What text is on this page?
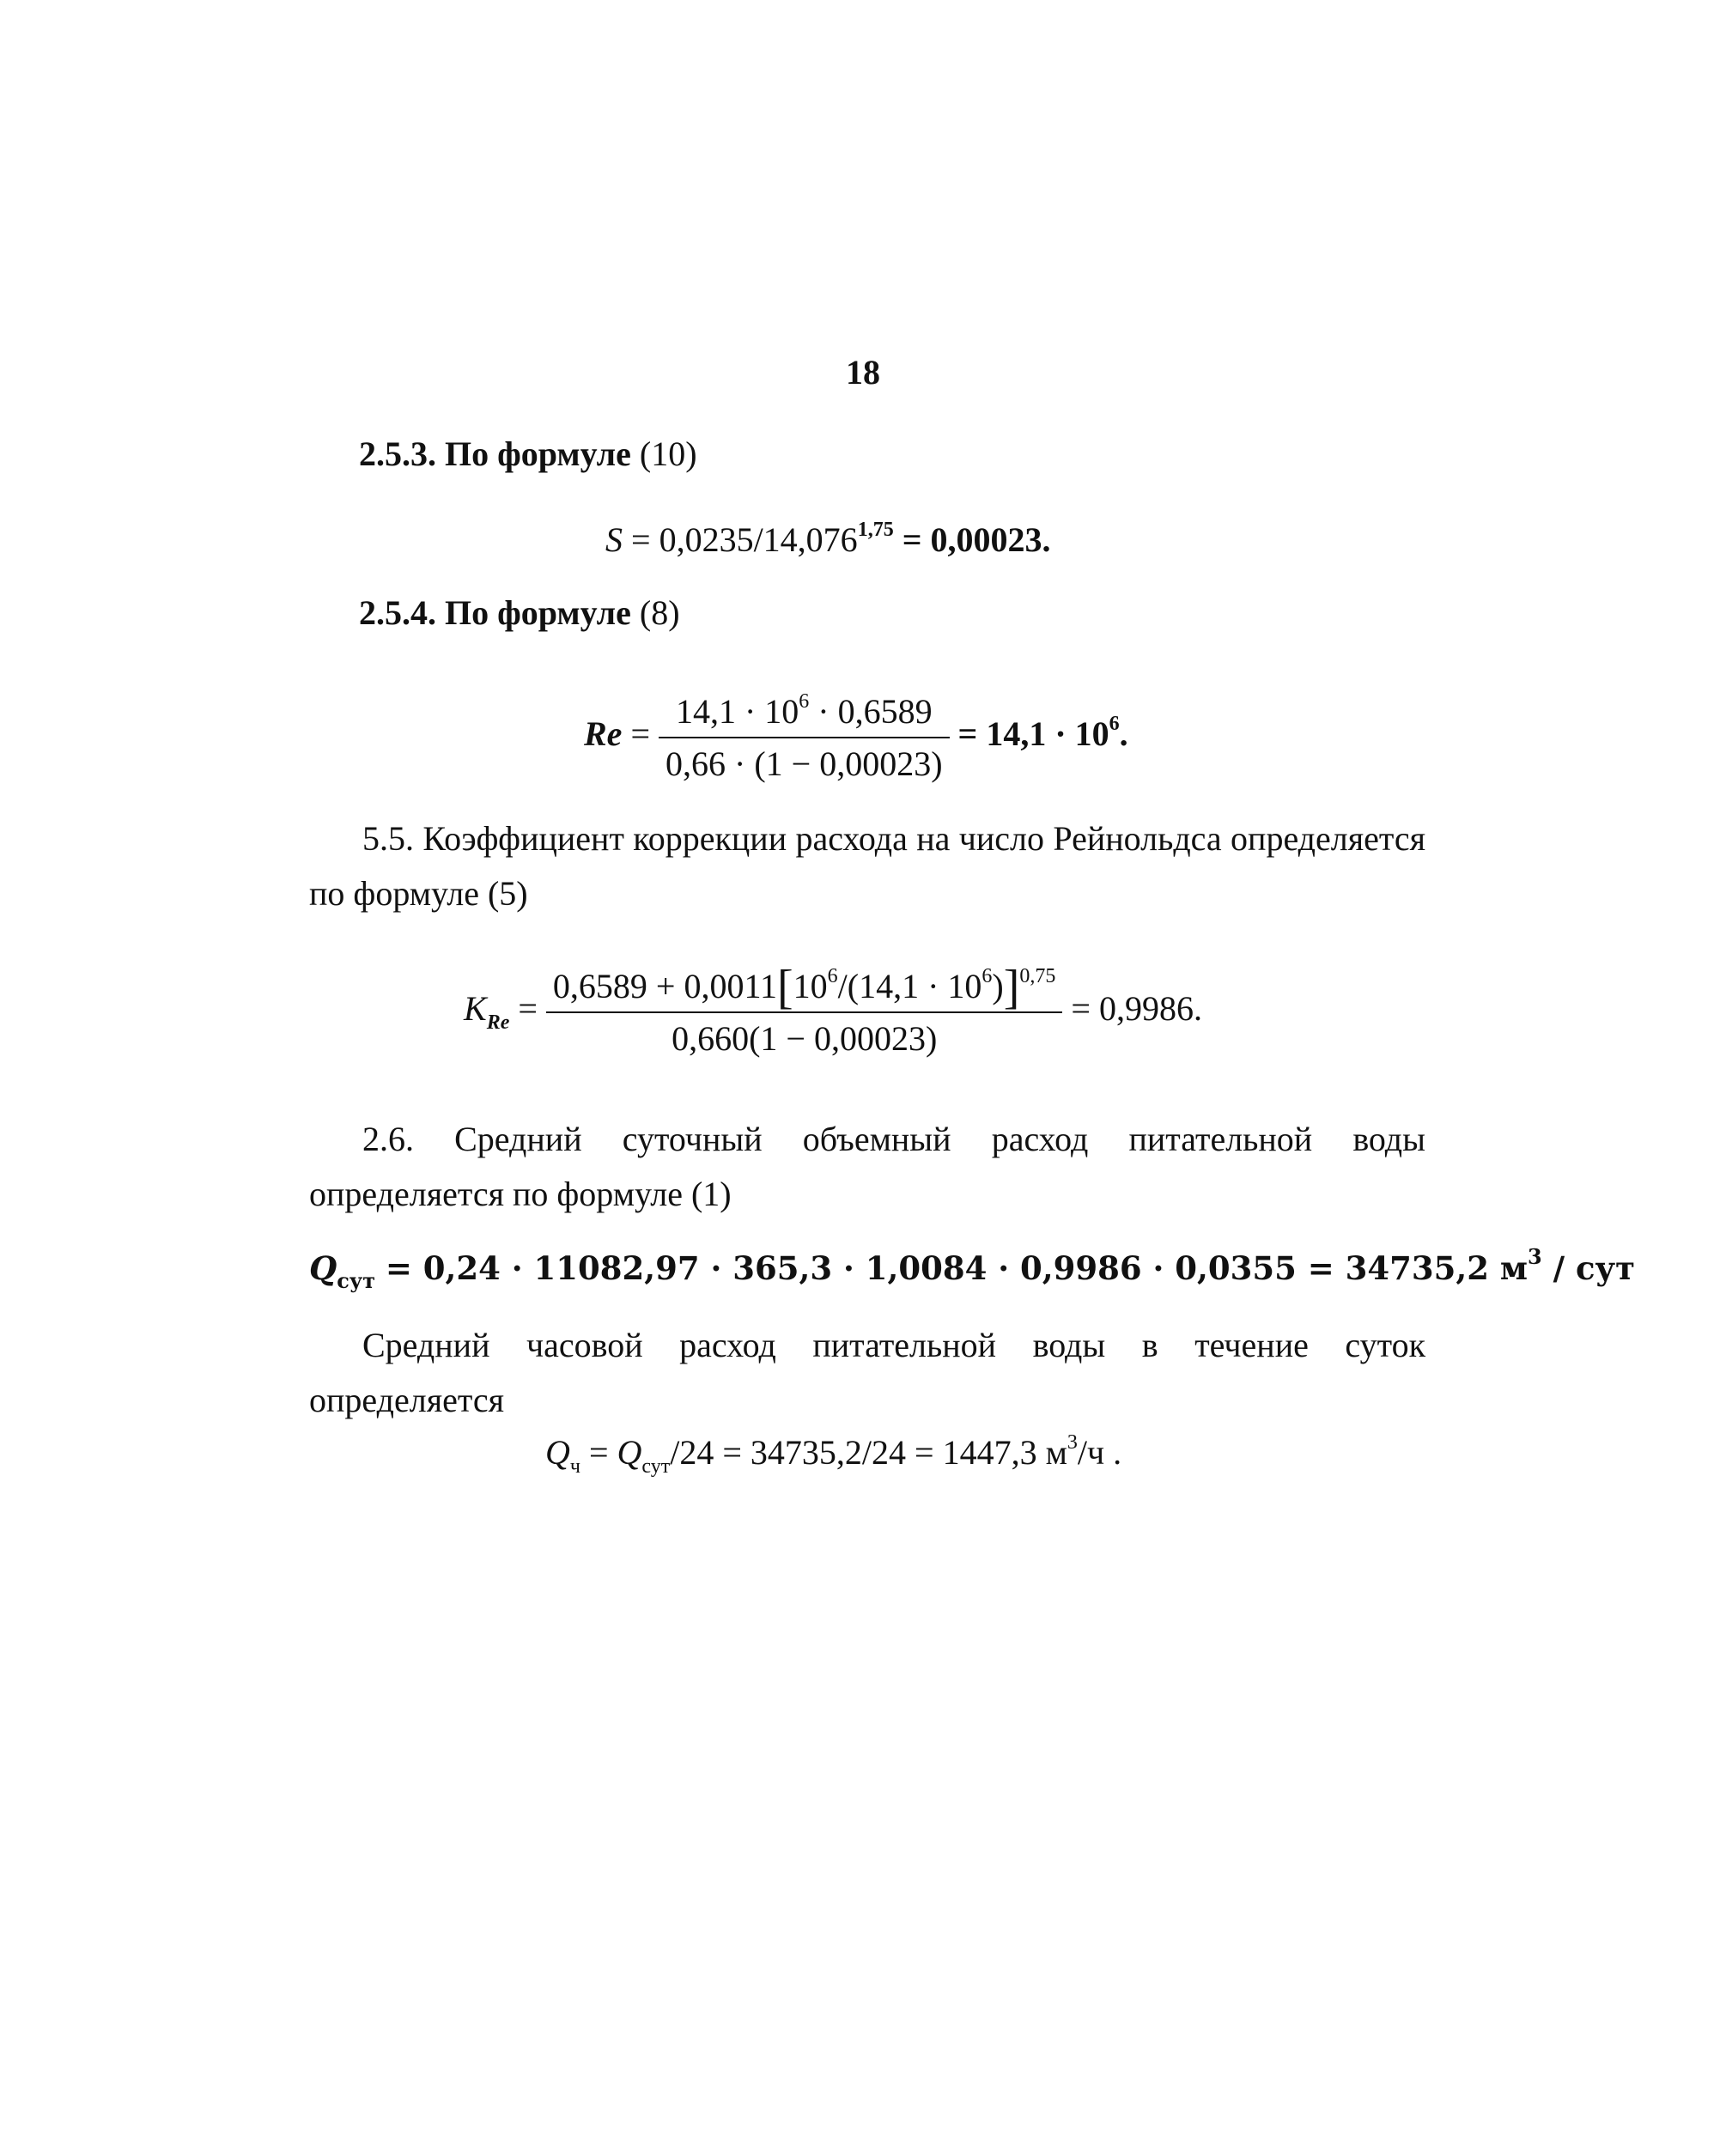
18
2.5.3. По формуле (10)
$S = 0,0235/14,076^{1,75} = 0,00023$.
2.5.4. По формуле (8)
$Re = \frac{14,1 \cdot 10^6 \cdot 0,6589}{0,66 \cdot (1 - 0,00023)} = 14,1 \cdot 10^6$.
5.5. Коэффициент коррекции расхода на число Рейнольдса определяется по формуле (5)
$K_{Re} = \frac{0,6589 + 0,0011[10^6/(14,1 \cdot 10^6)]^{0,75}}{0,660(1 - 0,00023)} = 0,9986$.
2.6. Средний суточный объемный расход питательной воды определяется по формуле (1)
$Q_{сут} = 0,24 \cdot 11082,97 \cdot 365,3 \cdot 1,0084 \cdot 0,9986 \cdot 0,0355 = 34735,2$ $м^3$ / сут
Средний часовой расход питательной воды в течение суток определяется
$Q_ч = Q_{сут}/24 = 34735,2/24 = 1447,3$ $м^3/ч$ .
